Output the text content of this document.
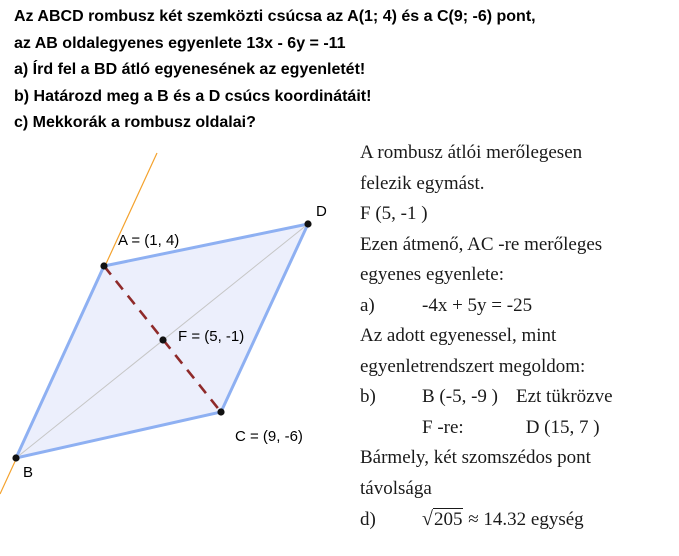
Az ABCD rombusz két szemközti csúcsa az A(1; 4) és a C(9; -6) pont,
az AB oldalegyenes egyenlete 13x - 6y = -11
a) Írd fel a BD átló egyenesének az egyenletét!
b) Határozd meg a B és a D csúcs koordinátáit!
c) Mekkorák a rombusz oldalai?
A = (1, 4)
B
C = (9, -6)
D
F = (5, -1)
A rombusz átlói merőlegesen
felezik egymást.
F (5, -1 )
Ezen átmenő, AC -re merőleges
egyenes egyenlete:
a) -4x + 5y = -25
Az adott egyenessel, mint
egyenletrendszert megoldom:
b) B (-5, -9 ) Ezt tükrözve
F -re:	D (15, 7 )
Bármely, két szomszédos pont
távolsága
d) √205 ≈ 14.32 egység
